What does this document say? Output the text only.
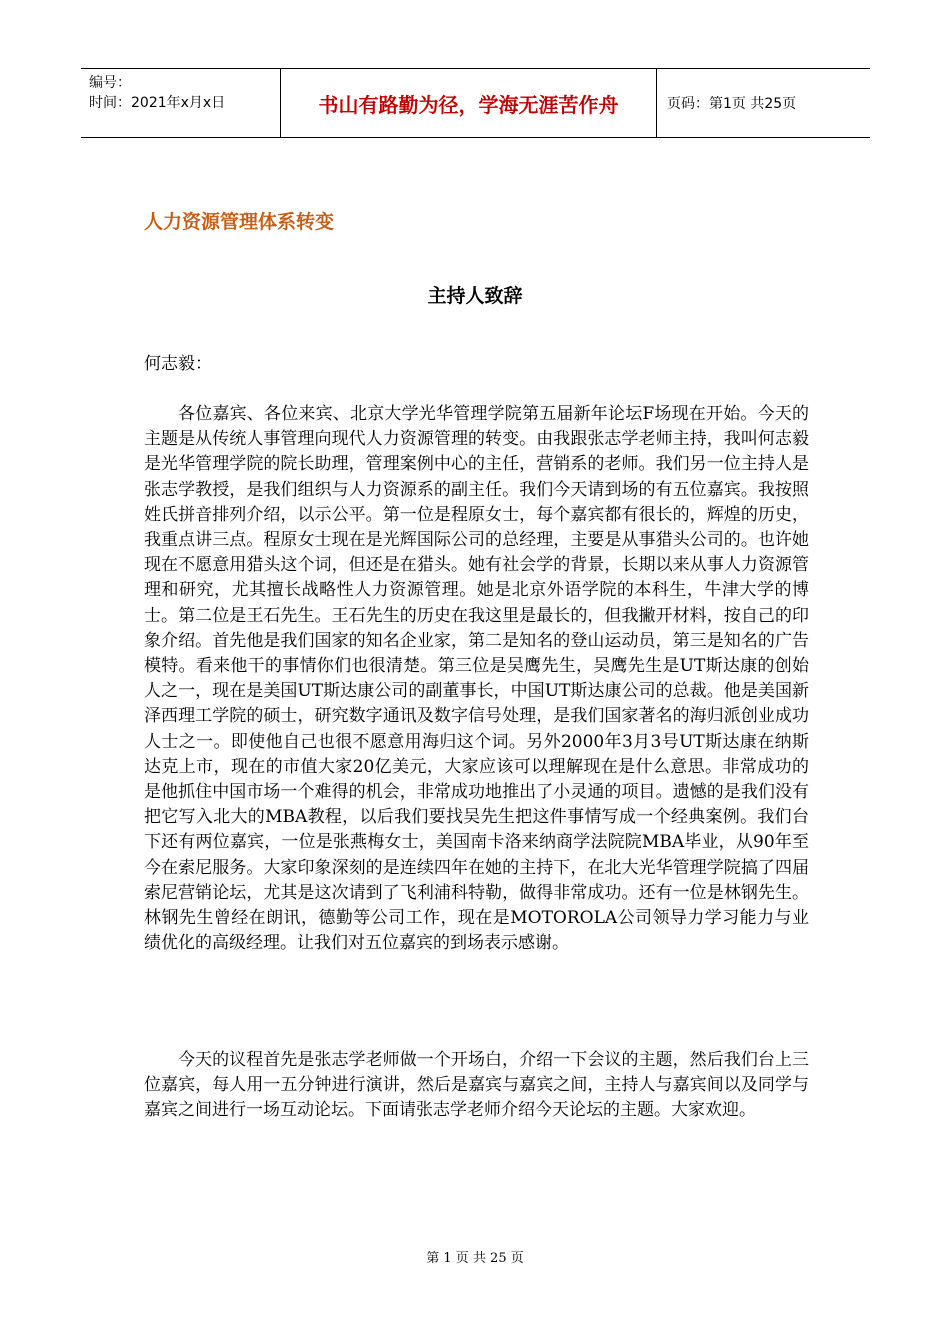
编号：
时间：2021年x月x日	书山有路勤为径，学海无涯苦作舟	页码：第1页 共25页
人力资源管理体系转变
主持人致辞

何志毅：

各位嘉宾、各位来宾、北京大学光华管理学院第五届新年论坛F场现在开始。今天的主题是从传统人事管理向现代人力资源管理的转变。由我跟张志学老师主持，我叫何志毅是光华管理学院的院长助理，管理案例中心的主任，营销系的老师。我们另一位主持人是张志学教授，是我们组织与人力资源系的副主任。我们今天请到场的有五位嘉宾。我按照姓氏拼音排列介绍，以示公平。第一位是程原女士，每个嘉宾都有很长的，辉煌的历史，我重点讲三点。程原女士现在是光辉国际公司的总经理，主要是从事猎头公司的。也许她现在不愿意用猎头这个词，但还是在猎头。她有社会学的背景，长期以来从事人力资源管理和研究，尤其擅长战略性人力资源管理。她是北京外语学院的本科生，牛津大学的博士。第二位是王石先生。王石先生的历史在我这里是最长的，但我撇开材料，按自己的印象介绍。首先他是我们国家的知名企业家，第二是知名的登山运动员，第三是知名的广告模特。看来他干的事情你们也很清楚。第三位是吴鹰先生，吴鹰先生是UT斯达康的创始人之一，现在是美国UT斯达康公司的副董事长，中国UT斯达康公司的总裁。他是美国新泽西理工学院的硕士，研究数字通讯及数字信号处理，是我们国家著名的海归派创业成功人士之一。即使他自己也很不愿意用海归这个词。另外2000年3月3号UT斯达康在纳斯达克上市，现在的市值大家20亿美元，大家应该可以理解现在是什么意思。非常成功的是他抓住中国市场一个难得的机会，非常成功地推出了小灵通的项目。遗憾的是我们没有把它写入北大的MBA教程，以后我们要找吴先生把这件事情写成一个经典案例。我们台下还有两位嘉宾，一位是张燕梅女士，美国南卡洛来纳商学法院院MBA毕业，从90年至今在索尼服务。大家印象深刻的是连续四年在她的主持下，在北大光华管理学院搞了四届索尼营销论坛，尤其是这次请到了飞利浦科特勒，做得非常成功。还有一位是林钢先生。林钢先生曾经在朗讯，德勤等公司工作，现在是MOTOROLA公司领导力学习能力与业绩优化的高级经理。让我们对五位嘉宾的到场表示感谢。

今天的议程首先是张志学老师做一个开场白，介绍一下会议的主题，然后我们台上三位嘉宾，每人用一五分钟进行演讲，然后是嘉宾与嘉宾之间，主持人与嘉宾间以及同学与嘉宾之间进行一场互动论坛。下面请张志学老师介绍今天论坛的主题。大家欢迎。

第 1 页 共 25 页
